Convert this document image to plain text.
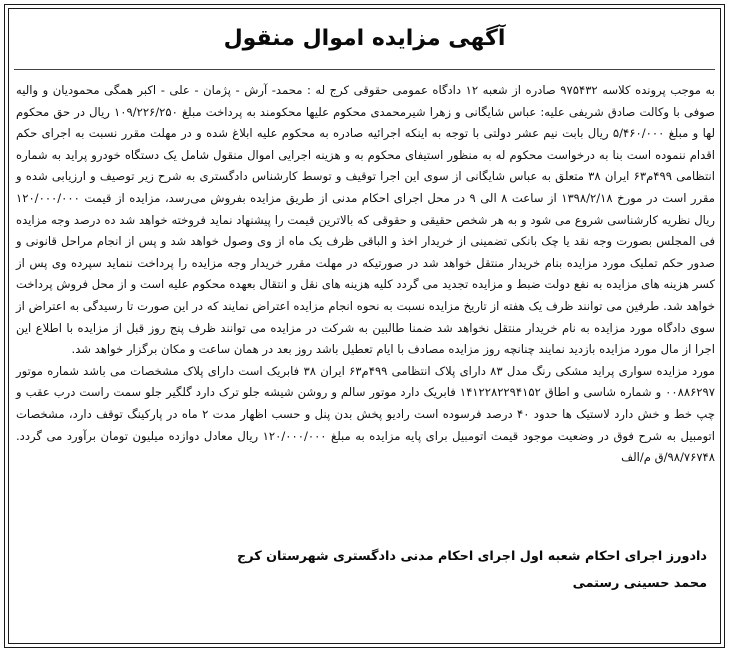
آگهی مزایده اموال منقول

به موجب پرونده کلاسه ۹۷۵۴۳۲ صادره از شعبه ۱۲ دادگاه عمومی حقوقی کرج له : محمد- آرش - پژمان - علی - اکبر همگی محمودیان و والیه صوفی با وکالت صادق شریفی علیه: عباس شایگانی و زهرا شیرمحمدی محکوم علیها محکومند به پرداخت مبلغ ۱۰۹/۲۲۶/۲۵۰ ریال در حق محکوم لها و مبلغ ۵/۴۶۰/۰۰۰ ریال بابت نیم عشر دولتی با توجه به اینکه اجرائیه صادره به محکوم علیه ابلاغ شده و در مهلت مقرر نسبت به اجرای حکم اقدام ننموده است بنا به درخواست محکوم له به منظور استیفای محکوم به و هزینه اجرایی اموال منقول شامل یک دستگاه خودرو پراید به شماره انتظامی ۴۹۹م۶۳ ایران ۳۸ متعلق به عباس شایگانی از سوی این اجرا توقیف و توسط کارشناس دادگستری به شرح زیر توصیف و ارزیابی شده و مقرر است در مورخ ۱۳۹۸/۲/۱۸ از ساعت ۸ الی ۹ در محل اجرای احکام مدنی از طریق مزایده بفروش می‌رسد، مزایده از قیمت ۱۲۰/۰۰۰/۰۰۰ ریال نظریه کارشناسی شروع می شود و به هر شخص حقیقی و حقوقی که بالاترین قیمت را پیشنهاد نماید فروخته خواهد شد ده درصد وجه مزایده فی المجلس بصورت وجه نقد یا چک بانکی تضمینی از خریدار اخذ و الباقی ظرف یک ماه از وی وصول خواهد شد و پس از انجام مراحل قانونی و صدور حکم تملیک مورد مزایده بنام خریدار منتقل خواهد شد در صورتیکه در مهلت مقرر خریدار وجه مزایده را پرداخت ننماید سپرده وی پس از کسر هزینه های مزایده به نفع دولت ضبط و مزایده تجدید می گردد کلیه هزینه های نقل و انتقال بعهده محکوم علیه است و از محل فروش پرداخت خواهد شد. طرفین می توانند ظرف یک هفته از تاریخ مزایده نسبت به نحوه انجام مزایده اعتراض نمایند که در این صورت تا رسیدگی به اعتراض از سوی دادگاه مورد مزایده به نام خریدار منتقل نخواهد شد ضمنا طالبین به شرکت در مزایده می توانند ظرف پنج روز قبل از مزایده با اطلاع این اجرا از مال مورد مزایده بازدید نمایند چنانچه روز مزایده مصادف با ایام تعطیل باشد روز بعد در همان ساعت و مکان برگزار خواهد شد.

مورد مزایده سواری پراید مشکی رنگ مدل ۸۳ دارای پلاک انتظامی ۴۹۹م۶۳ ایران ۳۸ فابریک است دارای پلاک مشخصات می باشد شماره موتور ۰۰۸۸۶۲۹۷ و شماره شاسی و اطاق ۱۴۱۲۲۸۲۲۹۴۱۵۲ فابریک دارد موتور سالم و روشن شیشه جلو ترک دارد گلگیر جلو سمت راست درب عقب و چپ خط و خش دارد لاستیک ها حدود ۴۰ درصد فرسوده است رادیو پخش بدن پنل و حسب اظهار مدت ۲ ماه در پارکینگ توقف دارد، مشخصات اتومبیل به شرح فوق در وضعیت موجود قیمت اتومبیل برای پایه مزایده به مبلغ ۱۲۰/۰۰۰/۰۰۰ ریال معادل دوازده میلیون تومان برآورد می گردد. ۹۸/۷۶۷۴۸/ق م/الف

دادورز اجرای احکام شعبه اول اجرای احکام مدنی دادگستری شهرستان کرج
محمد حسینی رستمی
